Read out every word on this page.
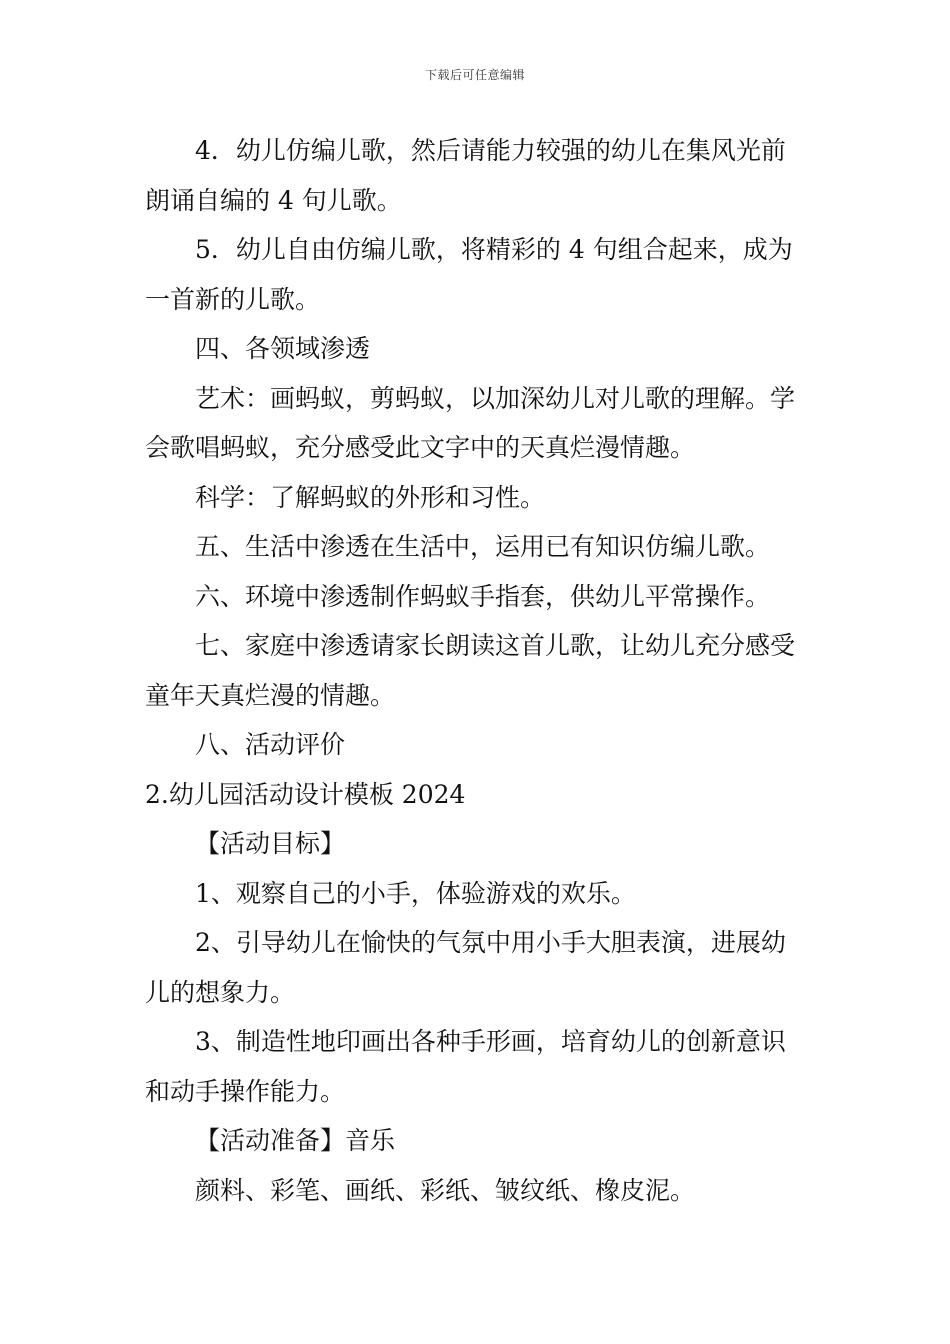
下载后可任意编辑

4．幼儿仿编儿歌，然后请能力较强的幼儿在集风光前朗诵自编的 4 句儿歌。

5．幼儿自由仿编儿歌，将精彩的 4 句组合起来，成为一首新的儿歌。

四、各领域渗透

艺术：画蚂蚁，剪蚂蚁，以加深幼儿对儿歌的理解。学会歌唱蚂蚁，充分感受此文字中的天真烂漫情趣。

科学：了解蚂蚁的外形和习性。

五、生活中渗透在生活中，运用已有知识仿编儿歌。

六、环境中渗透制作蚂蚁手指套，供幼儿平常操作。

七、家庭中渗透请家长朗读这首儿歌，让幼儿充分感受童年天真烂漫的情趣。

八、活动评价

2.幼儿园活动设计模板 2024

【活动目标】

1、观察自己的小手，体验游戏的欢乐。

2、引导幼儿在愉快的气氛中用小手大胆表演，进展幼儿的想象力。

3、制造性地印画出各种手形画，培育幼儿的创新意识和动手操作能力。

【活动准备】音乐

颜料、彩笔、画纸、彩纸、皱纹纸、橡皮泥。
